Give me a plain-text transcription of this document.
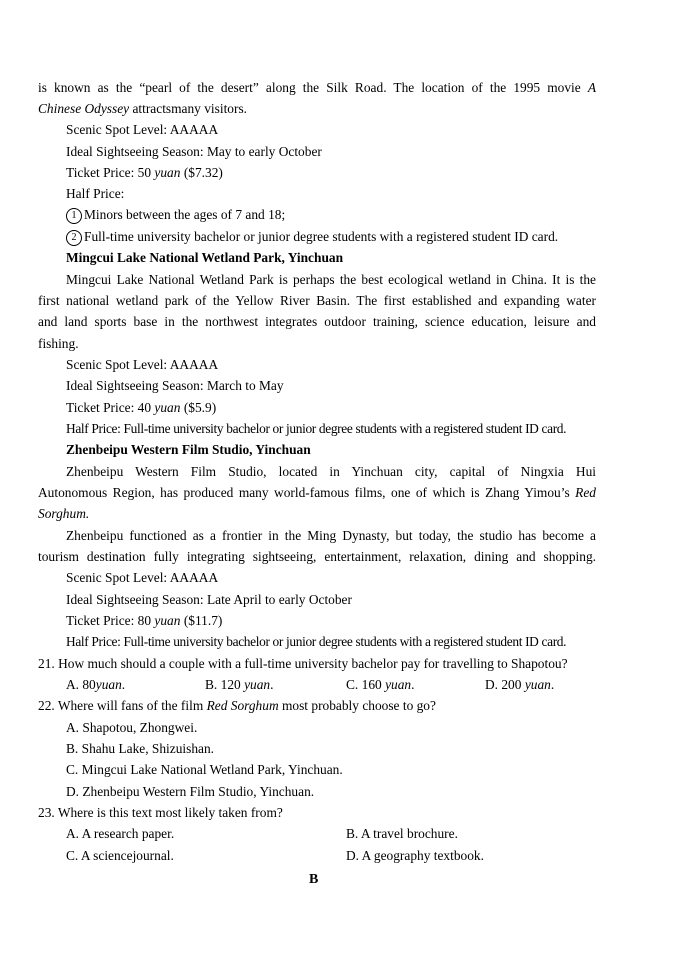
is known as the “pearl of the desert” along the Silk Road. The location of the 1995 movie A
Chinese Odyssey attractsmany visitors.
Scenic Spot Level: AAAAA
Ideal Sightseeing Season: May to early October
Ticket Price: 50 yuan ($7.32)
Half Price:
1 Minors between the ages of 7 and 18;
2 Full-time university bachelor or junior degree students with a registered student ID card.
Mingcui Lake National Wetland Park, Yinchuan
Mingcui Lake National Wetland Park is perhaps the best ecological wetland in China. It is the
first national wetland park of the Yellow River Basin. The first established and expanding water
and land sports base in the northwest integrates outdoor training, science education, leisure and
fishing.
Scenic Spot Level: AAAAA
Ideal Sightseeing Season: March to May
Ticket Price: 40 yuan ($5.9)
Half Price: Full-time university bachelor or junior degree students with a registered student ID card.
Zhenbeipu Western Film Studio, Yinchuan
Zhenbeipu Western Film Studio, located in Yinchuan city, capital of Ningxia Hui
Autonomous Region, has produced many world-famous films, one of which is Zhang Yimou’s Red
Sorghum.
Zhenbeipu functioned as a frontier in the Ming Dynasty, but today, the studio has become a
tourism destination fully integrating sightseeing, entertainment, relaxation, dining and shopping.
Scenic Spot Level: AAAAA
Ideal Sightseeing Season: Late April to early October
Ticket Price: 80 yuan ($11.7)
Half Price: Full-time university bachelor or junior degree students with a registered student ID card.
21. How much should a couple with a full-time university bachelor pay for travelling to Shapotou?
A. 80yuan.	B. 120 yuan.	C. 160 yuan.	D. 200 yuan.
22. Where will fans of the film Red Sorghum most probably choose to go?
A. Shapotou, Zhongwei.
B. Shahu Lake, Shizuishan.
C. Mingcui Lake National Wetland Park, Yinchuan.
D. Zhenbeipu Western Film Studio, Yinchuan.
23. Where is this text most likely taken from?
A. A research paper.	B. A travel brochure.
C. A sciencejournal.	D. A geography textbook.
B
